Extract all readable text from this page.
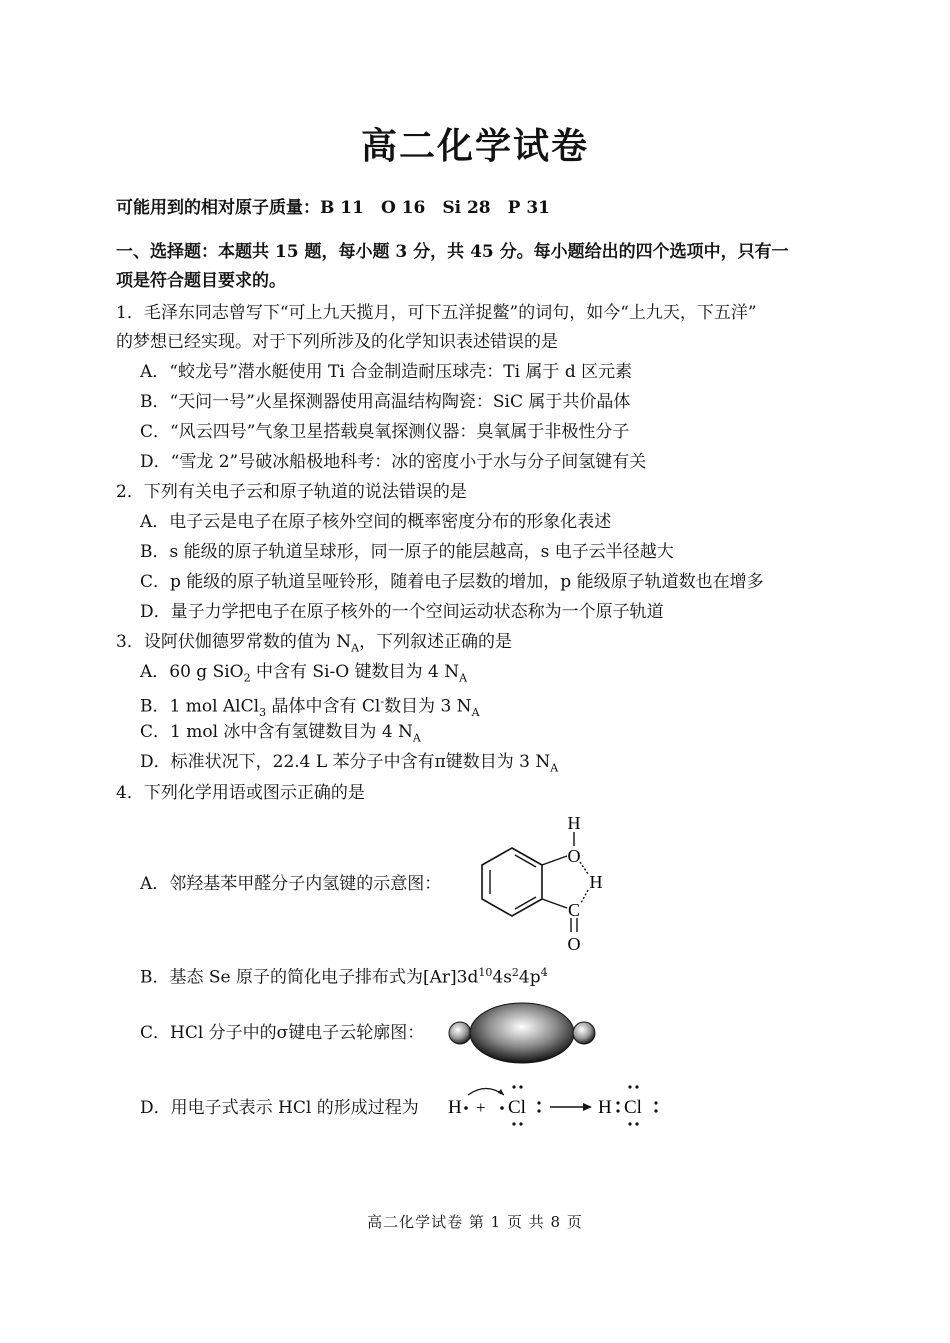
高二化学试卷
可能用到的相对原子质量：B 11　O 16　Si 28　P 31
一、选择题：本题共 15 题，每小题 3 分，共 45 分。每小题给出的四个选项中，只有一
项是符合题目要求的。
1．毛泽东同志曾写下“可上九天揽月，可下五洋捉鳖”的词句，如今“上九天，下五洋”
的梦想已经实现。对于下列所涉及的化学知识表述错误的是
A．“蛟龙号”潜水艇使用 Ti 合金制造耐压球壳：Ti 属于 d 区元素
B．“天问一号”火星探测器使用高温结构陶瓷：SiC 属于共价晶体
C．“风云四号”气象卫星搭载臭氧探测仪器：臭氧属于非极性分子
D．“雪龙 2”号破冰船极地科考：冰的密度小于水与分子间氢键有关
2．下列有关电子云和原子轨道的说法错误的是
A．电子云是电子在原子核外空间的概率密度分布的形象化表述
B．s 能级的原子轨道呈球形，同一原子的能层越高，s 电子云半径越大
C．p 能级的原子轨道呈哑铃形，随着电子层数的增加，p 能级原子轨道数也在增多
D．量子力学把电子在原子核外的一个空间运动状态称为一个原子轨道
3．设阿伏伽德罗常数的值为 $N_A$，下列叙述正确的是
A．60 g SiO$_2$ 中含有 Si-O 键数目为 4 $N_A$
B．1 mol AlCl$_3$ 晶体中含有 Cl-数目为 3 $N_A$
C．1 mol 冰中含有氢键数目为 4 $N_A$
D．标准状况下，22.4 L 苯分子中含有π键数目为 3 $N_A$
4．下列化学用语或图示正确的是
A．邻羟基苯甲醛分子内氢键的示意图：
H
O
H
C
O
B．基态 Se 原子的简化电子排布式为$[Ar]3d^{10}4s^24p^4$
C．HCl 分子中的σ键电子云轮廓图：
D．用电子式表示 HCl 的形成过程为 H + Cl	H Cl
高二化学试卷 第 1 页 共 8 页
